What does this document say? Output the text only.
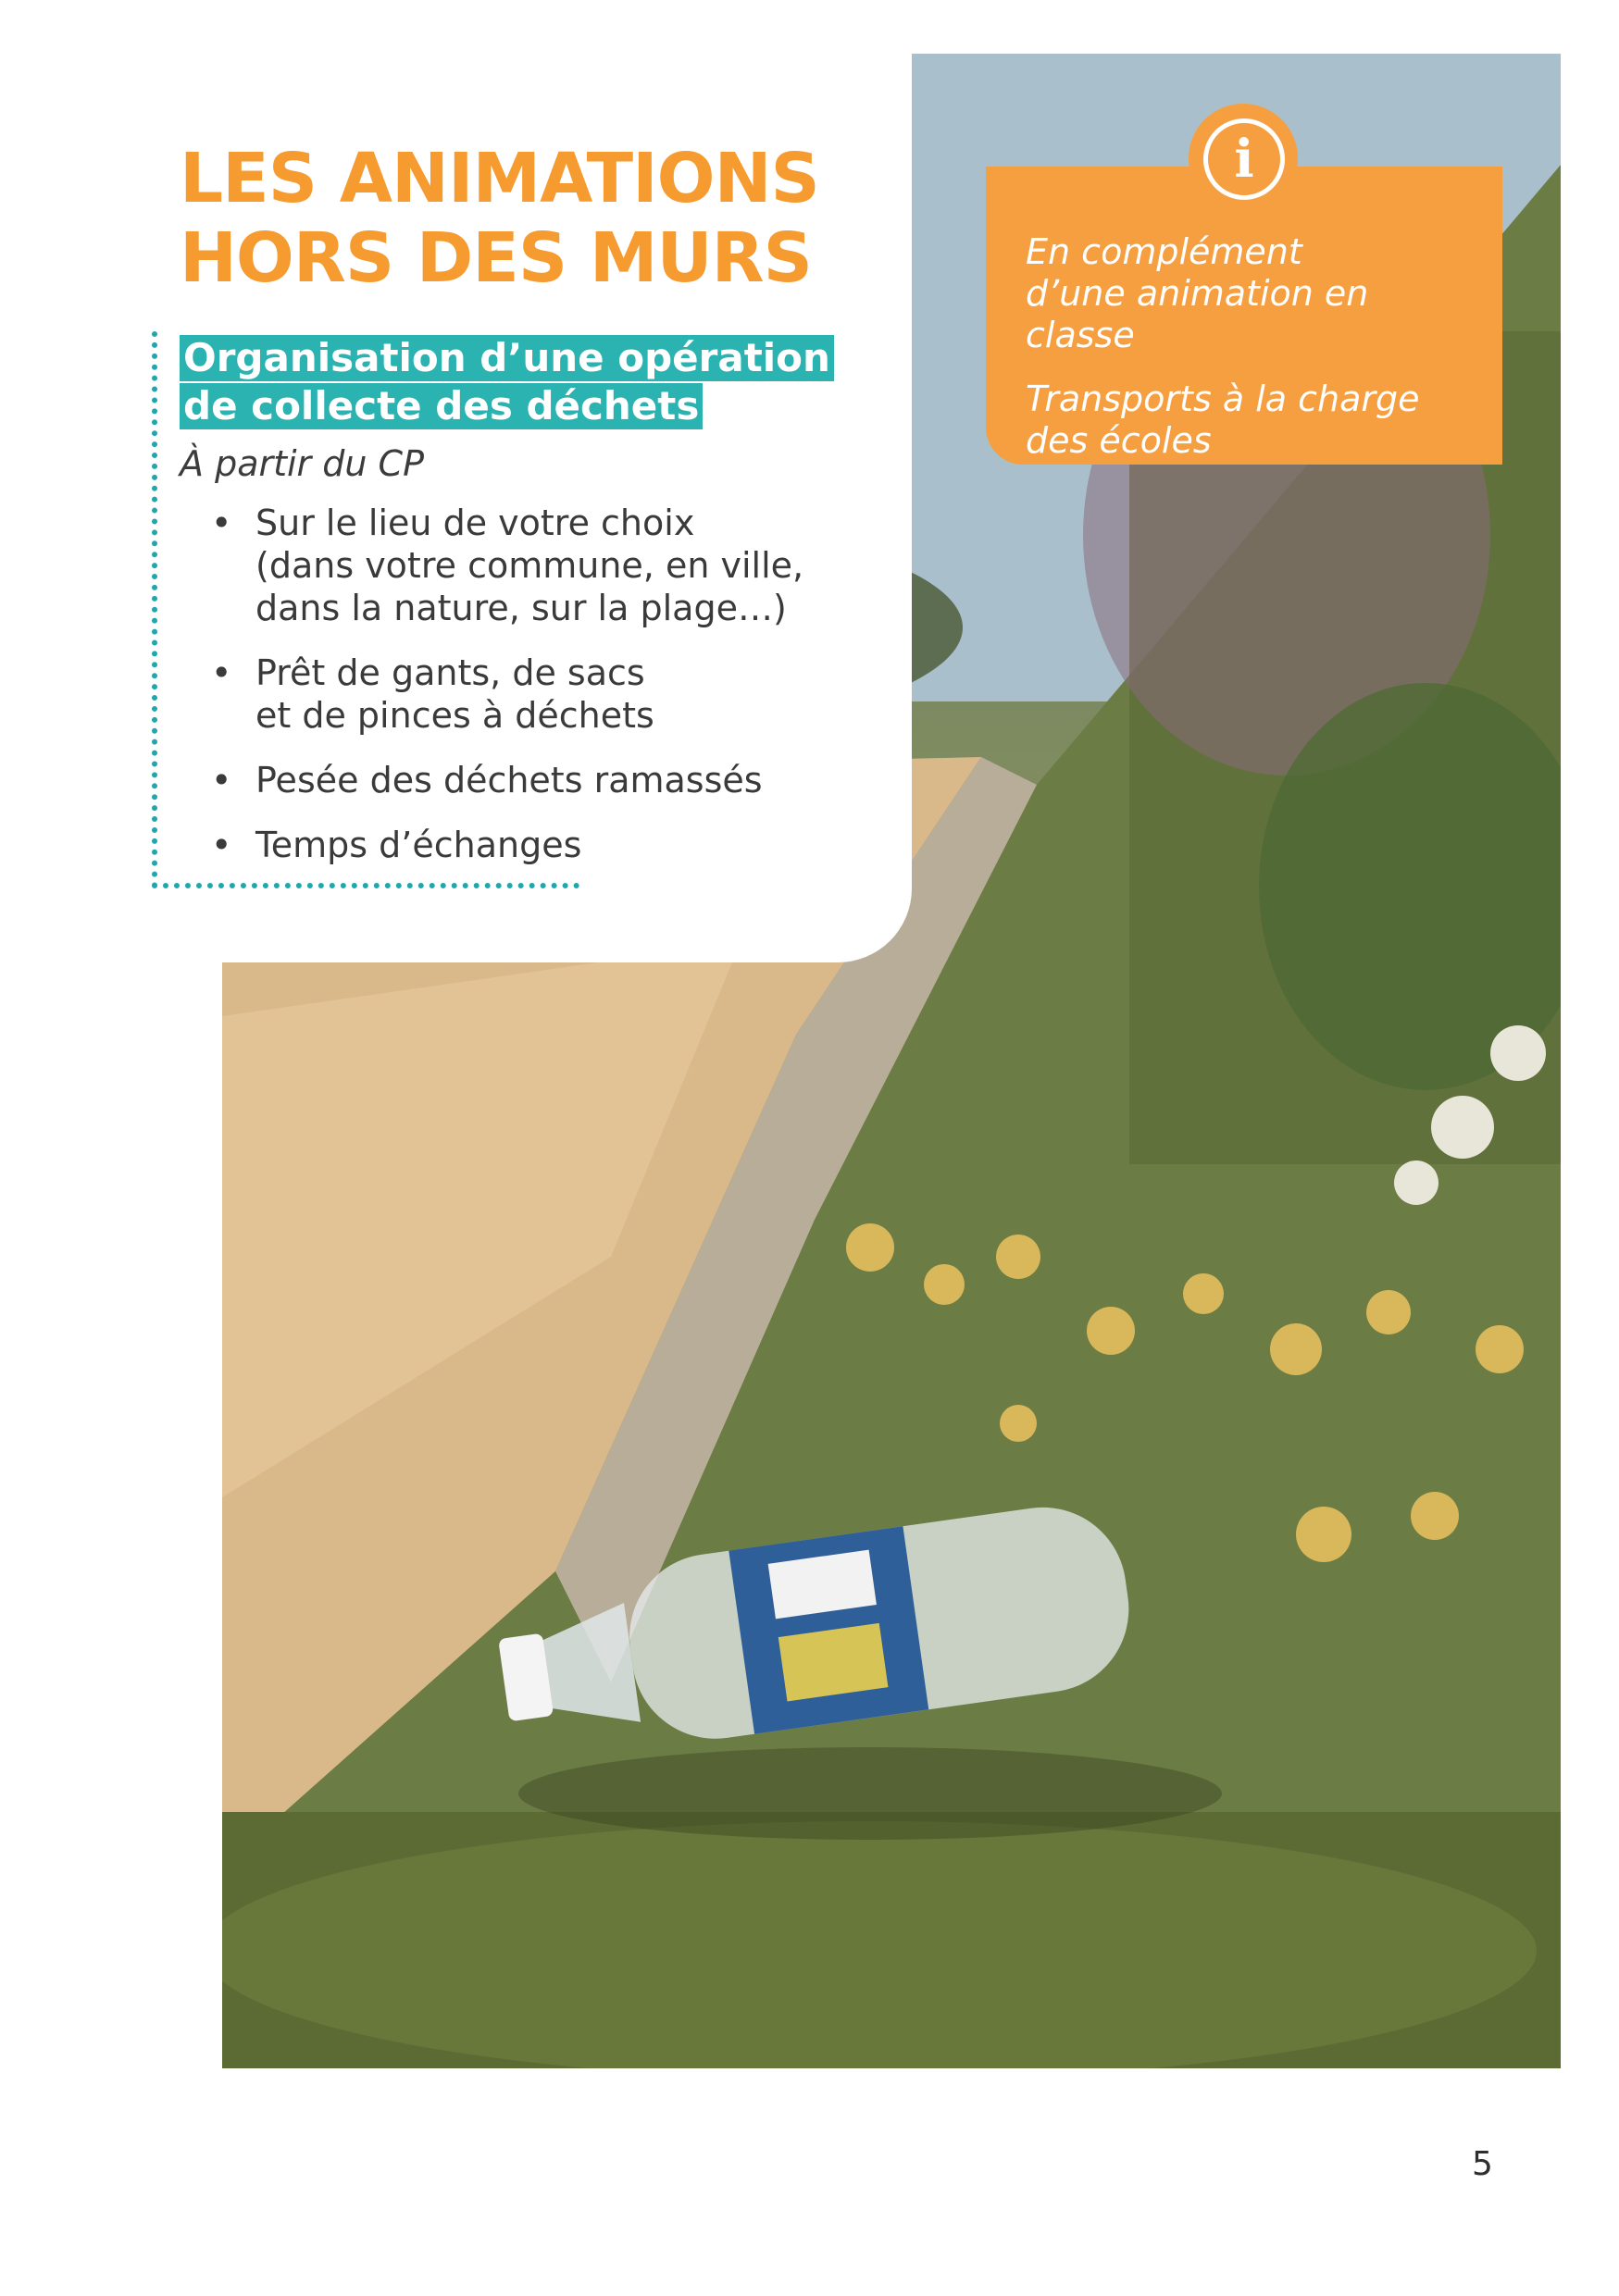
LES ANIMATIONS
HORS DES MURS
Organisation d’une opération
de collecte des déchets

À partir du CP

• Sur le lieu de votre choix
(dans votre commune, en ville,
dans la nature, sur la plage…)
• Prêt de gants, de sacs
et de pinces à déchets
• Pesée des déchets ramassés
• Temps d’échanges
i

En complément
d’une animation en classe

Transports à la charge
des écoles

5
